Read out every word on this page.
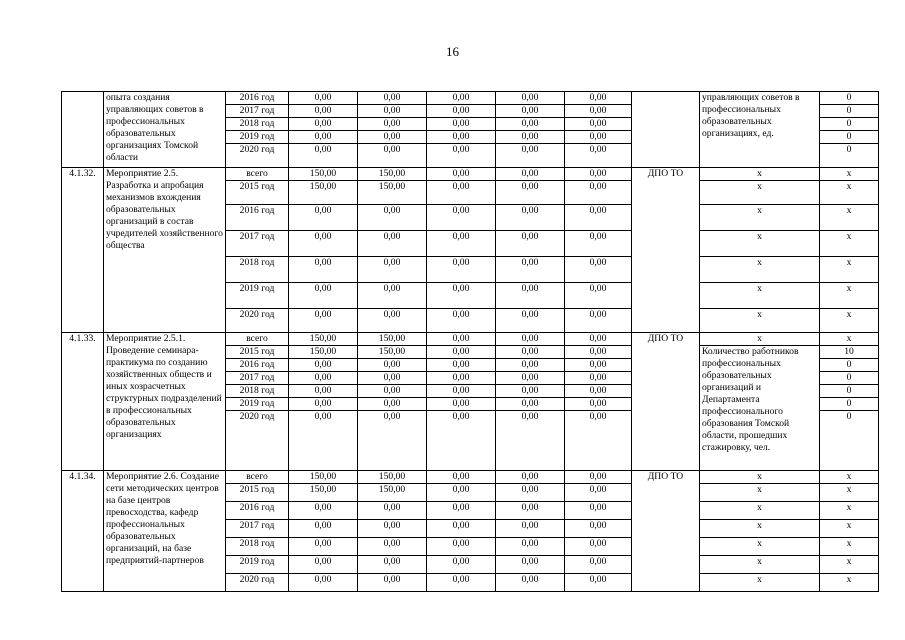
16
	опыта создания управляющих советов в профессиональных образовательных организациях Томской области	2016 год	0,00	0,00	0,00	0,00	0,00		управляющих советов в профессиональных образовательных организациях, ед.	0
		2017 год	0,00	0,00	0,00	0,00	0,00			0
		2018 год	0,00	0,00	0,00	0,00	0,00			0
		2019 год	0,00	0,00	0,00	0,00	0,00			0
		2020 год	0,00	0,00	0,00	0,00	0,00			0
4.1.32.	Мероприятие 2.5. Разработка и апробация механизмов вхождения образовательных организаций в состав учредителей хозяйственного общества	всего	150,00	150,00	0,00	0,00	0,00	ДПО ТО	x	x
		2015 год	150,00	150,00	0,00	0,00	0,00		x	x
		2016 год	0,00	0,00	0,00	0,00	0,00		x	x
		2017 год	0,00	0,00	0,00	0,00	0,00		x	x
		2018 год	0,00	0,00	0,00	0,00	0,00		x	x
		2019 год	0,00	0,00	0,00	0,00	0,00		x	x
		2020 год	0,00	0,00	0,00	0,00	0,00		x	x
4.1.33.	Мероприятие 2.5.1. Проведение семинара-практикума по созданию хозяйственных обществ и иных хозрасчетных структурных подразделений в профессиональных образовательных организациях	всего	150,00	150,00	0,00	0,00	0,00	ДПО ТО	x	x
		2015 год	150,00	150,00	0,00	0,00	0,00		Количество работников профессиональных образовательных организаций и Департамента профессионального образования Томской области, прошедших стажировку, чел.	10
		2016 год	0,00	0,00	0,00	0,00	0,00			0
		2017 год	0,00	0,00	0,00	0,00	0,00			0
		2018 год	0,00	0,00	0,00	0,00	0,00			0
		2019 год	0,00	0,00	0,00	0,00	0,00			0
		2020 год	0,00	0,00	0,00	0,00	0,00			0
4.1.34.	Мероприятие 2.6. Создание сети методических центров на базе центров превосходства, кафедр профессиональных образовательных организаций, на базе предприятий-партнеров	всего	150,00	150,00	0,00	0,00	0,00	ДПО ТО	x	x
		2015 год	150,00	150,00	0,00	0,00	0,00		x	x
		2016 год	0,00	0,00	0,00	0,00	0,00		x	x
		2017 год	0,00	0,00	0,00	0,00	0,00		x	x
		2018 год	0,00	0,00	0,00	0,00	0,00		x	x
		2019 год	0,00	0,00	0,00	0,00	0,00		x	x
		2020 год	0,00	0,00	0,00	0,00	0,00		x	x
